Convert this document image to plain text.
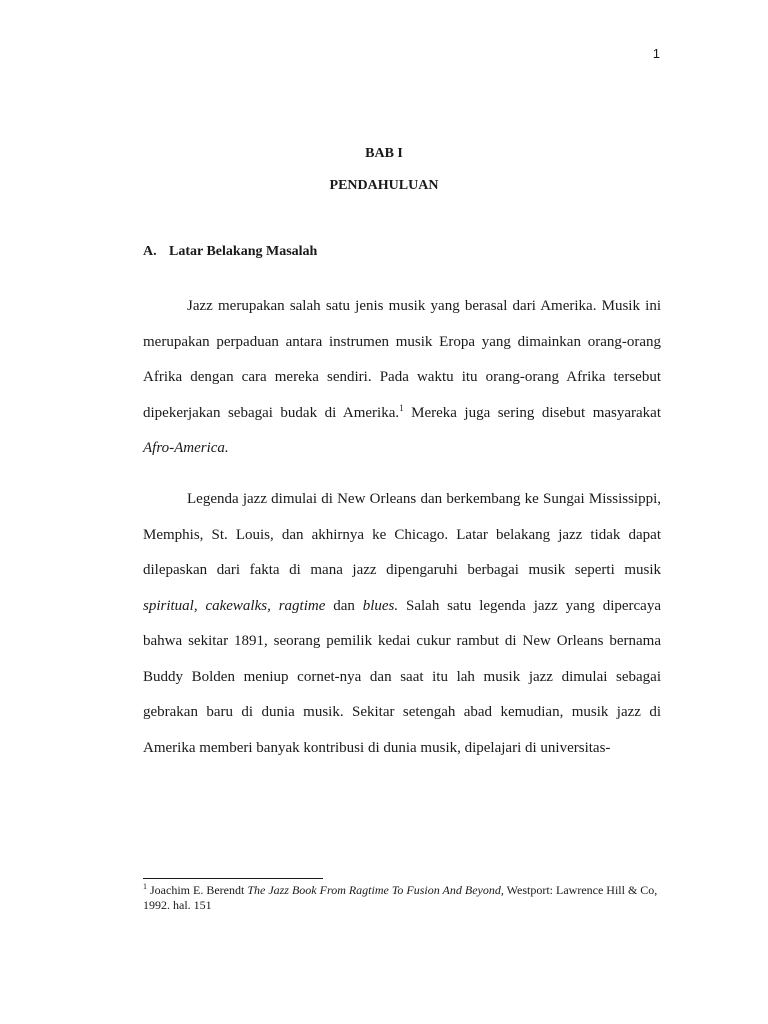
1
BAB I
PENDAHULUAN
A. Latar Belakang Masalah

Jazz merupakan salah satu jenis musik yang berasal dari Amerika. Musik ini merupakan perpaduan antara instrumen musik Eropa yang dimainkan orang-orang Afrika dengan cara mereka sendiri. Pada waktu itu orang-orang Afrika tersebut dipekerjakan sebagai budak di Amerika.$^1$ Mereka juga sering disebut masyarakat Afro-America.

Legenda jazz dimulai di New Orleans dan berkembang ke Sungai Mississippi, Memphis, St. Louis, dan akhirnya ke Chicago. Latar belakang jazz tidak dapat dilepaskan dari fakta di mana jazz dipengaruhi berbagai musik seperti musik spiritual, cakewalks, ragtime dan blues. Salah satu legenda jazz yang dipercaya bahwa sekitar 1891, seorang pemilik kedai cukur rambut di New Orleans bernama Buddy Bolden meniup cornet-nya dan saat itu lah musik jazz dimulai sebagai gebrakan baru di dunia musik. Sekitar setengah abad kemudian, musik jazz di Amerika memberi banyak kontribusi di dunia musik, dipelajari di universitas-

$^1$ Joachim E. Berendt The Jazz Book From Ragtime To Fusion And Beyond, Westport: Lawrence Hill & Co, 1992. hal. 151
